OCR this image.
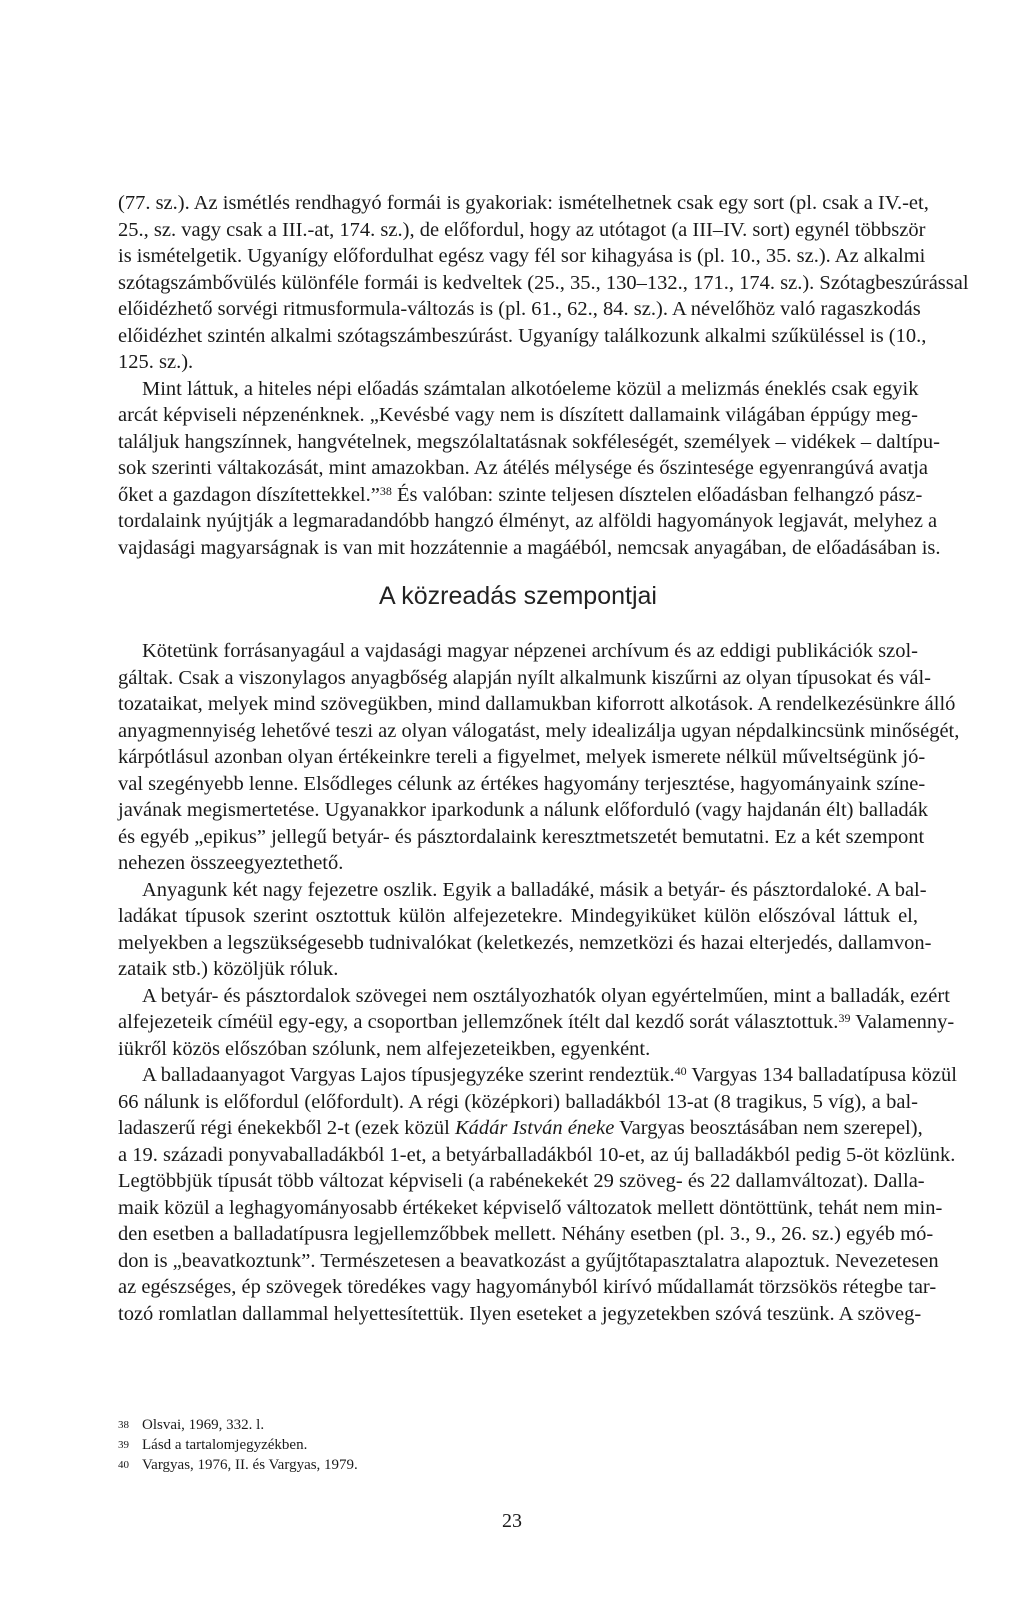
(77. sz.). Az ismétlés rendhagyó formái is gyakoriak: ismételhetnek csak egy sort (pl. csak a IV.-et,
25., sz. vagy csak a III.-at, 174. sz.), de előfordul, hogy az utótagot (a III–IV. sort) egynél többször
is ismételgetik. Ugyanígy előfordulhat egész vagy fél sor kihagyása is (pl. 10., 35. sz.). Az alkalmi
szótagszámbővülés különféle formái is kedveltek (25., 35., 130–132., 171., 174. sz.). Szótagbeszúrással
előidézhető sorvégi ritmusformula-változás is (pl. 61., 62., 84. sz.). A névelőhöz való ragaszkodás
előidézhet szintén alkalmi szótagszámbeszúrást. Ugyanígy találkozunk alkalmi szűküléssel is (10.,
125. sz.).
Mint láttuk, a hiteles népi előadás számtalan alkotóeleme közül a melizmás éneklés csak egyik
arcát képviseli népzenénknek. „Kevésbé vagy nem is díszített dallamaink világában éppúgy meg-
találjuk hangszínnek, hangvételnek, megszólaltatásnak sokféleségét, személyek – vidékek – daltípu-
sok szerinti váltakozását, mint amazokban. Az átélés mélysége és őszintesége egyenrangúvá avatja
őket a gazdagon díszítettekkel.”$^{38}$ És valóban: szinte teljesen dísztelen előadásban felhangzó pász-
tordalaink nyújtják a legmaradandóbb hangzó élményt, az alföldi hagyományok legjavát, melyhez a
vajdasági magyarságnak is van mit hozzátennie a magáéból, nemcsak anyagában, de előadásában is.
A közreadás szempontjai
Kötetünk forrásanyagául a vajdasági magyar népzenei archívum és az eddigi publikációk szol-
gáltak. Csak a viszonylagos anyagbőség alapján nyílt alkalmunk kiszűrni az olyan típusokat és vál-
tozataikat, melyek mind szövegükben, mind dallamukban kiforrott alkotások. A rendelkezésünkre álló
anyagmennyiség lehetővé teszi az olyan válogatást, mely idealizálja ugyan népdalkincsünk minőségét,
kárpótlásul azonban olyan értékeinkre tereli a figyelmet, melyek ismerete nélkül műveltségünk jó-
val szegényebb lenne. Elsődleges célunk az értékes hagyomány terjesztése, hagyományaink színe-
javának megismertetése. Ugyanakkor iparkodunk a nálunk előforduló (vagy hajdanán élt) balladák
és egyéb „epikus” jellegű betyár- és pásztordalaink keresztmetszetét bemutatni. Ez a két szempont
nehezen összeegyeztethető.
Anyagunk két nagy fejezetre oszlik. Egyik a balladáké, másik a betyár- és pásztordaloké. A bal-
ladákat típusok szerint osztottuk külön alfejezetekre. Mindegyiküket külön előszóval láttuk el,
melyekben a legszükségesebb tudnivalókat (keletkezés, nemzetközi és hazai elterjedés, dallamvon-
zataik stb.) közöljük róluk.
A betyár- és pásztordalok szövegei nem osztályozhatók olyan egyértelműen, mint a balladák, ezért
alfejezeteik címéül egy-egy, a csoportban jellemzőnek ítélt dal kezdő sorát választottuk.$^{39}$ Valamenny-
iükről közös előszóban szólunk, nem alfejezeteikben, egyenként.
A balladaanyagot Vargyas Lajos típusjegyzéke szerint rendeztük.$^{40}$ Vargyas 134 balladatípusa közül
66 nálunk is előfordul (előfordult). A régi (középkori) balladákból 13-at (8 tragikus, 5 víg), a bal-
ladaszerű régi énekekből 2-t (ezek közül Kádár István éneke Vargyas beosztásában nem szerepel),
a 19. századi ponyvaballadákból 1-et, a betyárballadákból 10-et, az új balladákból pedig 5-öt közlünk.
Legtöbbjük típusát több változat képviseli (a rabénekekét 29 szöveg- és 22 dallamváltozat). Dalla-
maik közül a leghagyományosabb értékeket képviselő változatok mellett döntöttünk, tehát nem min-
den esetben a balladatípusra legjellemzőbbek mellett. Néhány esetben (pl. 3., 9., 26. sz.) egyéb mó-
don is „beavatkoztunk”. Természetesen a beavatkozást a gyűjtőtapasztalatra alapoztuk. Nevezetesen
az egészséges, ép szövegek töredékes vagy hagyományból kirívó műdallamát törzsökös rétegbe tar-
tozó romlatlan dallammal helyettesítettük. Ilyen eseteket a jegyzetekben szóvá teszünk. A szöveg-
38 Olsvai, 1969, 332. l.
39 Lásd a tartalomjegyzékben.
40 Vargyas, 1976, II. és Vargyas, 1979.
23
